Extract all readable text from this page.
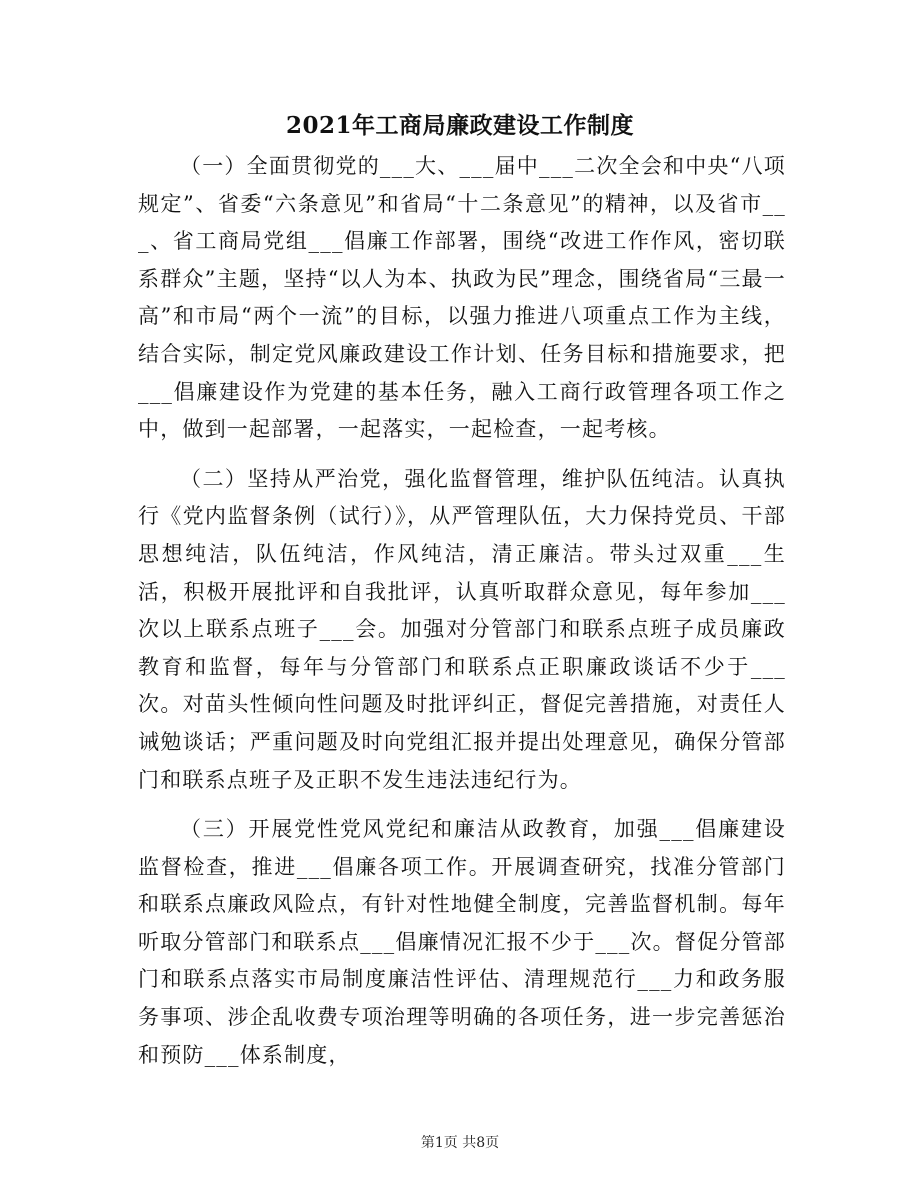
2021年工商局廉政建设工作制度

（一）全面贯彻党的___大、___届中___二次全会和中央“八项规定”、省委“六条意见”和省局“十二条意见”的精神，以及省市___、省工商局党组___倡廉工作部署，围绕“改进工作作风，密切联系群众”主题，坚持“以人为本、执政为民”理念，围绕省局“三最一高”和市局“两个一流”的目标，以强力推进八项重点工作为主线，结合实际，制定党风廉政建设工作计划、任务目标和措施要求，把___倡廉建设作为党建的基本任务，融入工商行政管理各项工作之中，做到一起部署，一起落实，一起检查，一起考核。

（二）坚持从严治党，强化监督管理，维护队伍纯洁。认真执行《党内监督条例（试行）》，从严管理队伍，大力保持党员、干部思想纯洁，队伍纯洁，作风纯洁，清正廉洁。带头过双重___生活，积极开展批评和自我批评，认真听取群众意见，每年参加___次以上联系点班子___会。加强对分管部门和联系点班子成员廉政教育和监督，每年与分管部门和联系点正职廉政谈话不少于___次。对苗头性倾向性问题及时批评纠正，督促完善措施，对责任人诫勉谈话；严重问题及时向党组汇报并提出处理意见，确保分管部门和联系点班子及正职不发生违法违纪行为。

（三）开展党性党风党纪和廉洁从政教育，加强___倡廉建设监督检查，推进___倡廉各项工作。开展调查研究，找准分管部门和联系点廉政风险点，有针对性地健全制度，完善监督机制。每年听取分管部门和联系点___倡廉情况汇报不少于___次。督促分管部门和联系点落实市局制度廉洁性评估、清理规范行___力和政务服务事项、涉企乱收费专项治理等明确的各项任务，进一步完善惩治和预防___体系制度，

第1页 共8页
